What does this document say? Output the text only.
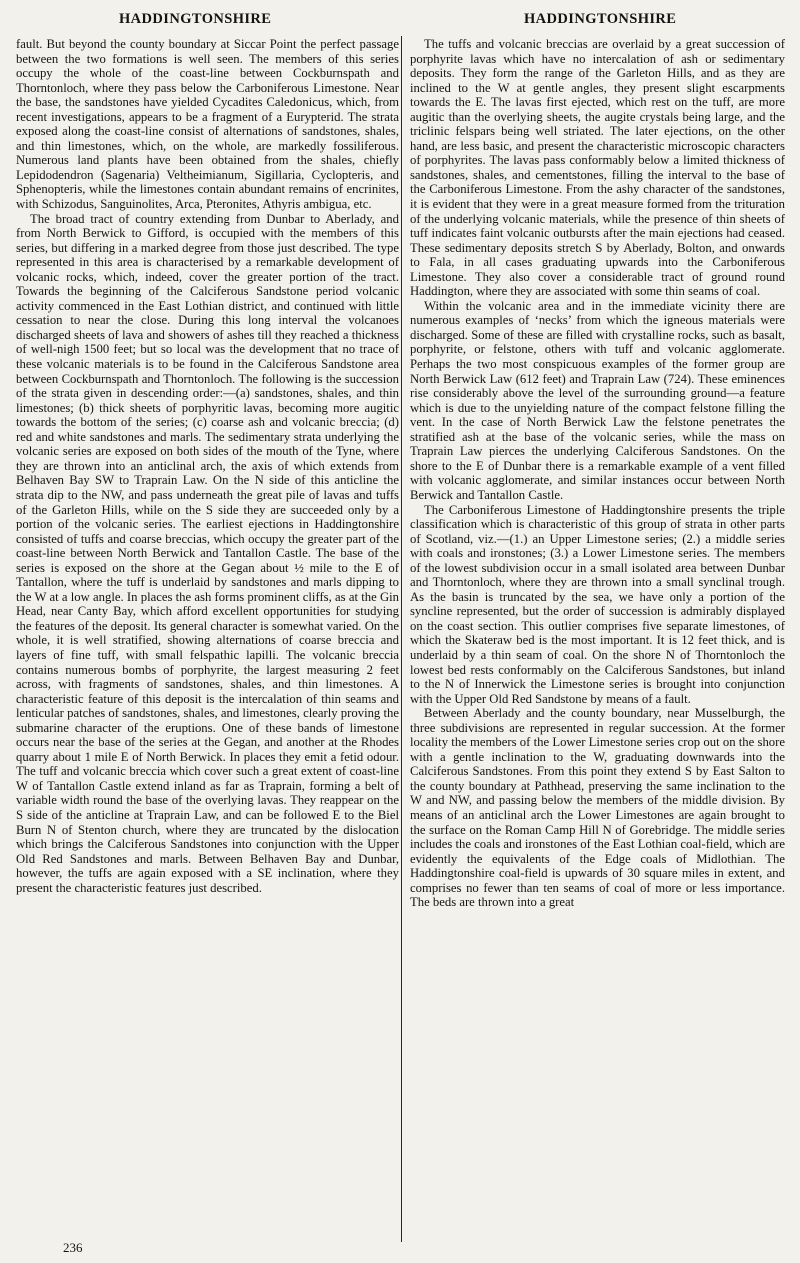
HADDINGTONSHIRE	HADDINGTONSHIRE

fault. But beyond the county boundary at Siccar Point the perfect passage between the two formations is well seen. The members of this series occupy the whole of the coast-line between Cockburnspath and Thorntonloch, where they pass below the Carboniferous Limestone. Near the base, the sandstones have yielded Cycadites Caledonicus, which, from recent investigations, appears to be a fragment of a Eurypterid. The strata exposed along the coast-line consist of alternations of sandstones, shales, and thin limestones, which, on the whole, are markedly fossiliferous. Numerous land plants have been obtained from the shales, chiefly Lepidodendron (Sagenaria) Veltheimianum, Sigillaria, Cyclopteris, and Sphenopteris, while the limestones contain abundant remains of encrinites, with Schizodus, Sanguinolites, Arca, Pteronites, Athyris ambigua, etc.

The broad tract of country extending from Dunbar to Aberlady, and from North Berwick to Gifford, is occupied with the members of this series, but differing in a marked degree from those just described. The type represented in this area is characterised by a remarkable development of volcanic rocks, which, indeed, cover the greater portion of the tract. Towards the beginning of the Calciferous Sandstone period volcanic activity commenced in the East Lothian district, and continued with little cessation to near the close. During this long interval the volcanoes discharged sheets of lava and showers of ashes till they reached a thickness of well-nigh 1500 feet; but so local was the development that no trace of these volcanic materials is to be found in the Calciferous Sandstone area between Cockburnspath and Thorntonloch. The following is the succession of the strata given in descending order:—(a) sandstones, shales, and thin limestones; (b) thick sheets of porphyritic lavas, becoming more augitic towards the bottom of the series; (c) coarse ash and volcanic breccia; (d) red and white sandstones and marls. The sedimentary strata underlying the volcanic series are exposed on both sides of the mouth of the Tyne, where they are thrown into an anticlinal arch, the axis of which extends from Belhaven Bay SW to Traprain Law. On the N side of this anticline the strata dip to the NW, and pass underneath the great pile of lavas and tuffs of the Garleton Hills, while on the S side they are succeeded only by a portion of the volcanic series. The earliest ejections in Haddingtonshire consisted of tuffs and coarse breccias, which occupy the greater part of the coast-line between North Berwick and Tantallon Castle. The base of the series is exposed on the shore at the Gegan about ½ mile to the E of Tantallon, where the tuff is underlaid by sandstones and marls dipping to the W at a low angle. In places the ash forms prominent cliffs, as at the Gin Head, near Canty Bay, which afford excellent opportunities for studying the features of the deposit. Its general character is somewhat varied. On the whole, it is well stratified, showing alternations of coarse breccia and layers of fine tuff, with small felspathic lapilli. The volcanic breccia contains numerous bombs of porphyrite, the largest measuring 2 feet across, with fragments of sandstones, shales, and thin limestones. A characteristic feature of this deposit is the intercalation of thin seams and lenticular patches of sandstones, shales, and limestones, clearly proving the submarine character of the eruptions. One of these bands of limestone occurs near the base of the series at the Gegan, and another at the Rhodes quarry about 1 mile E of North Berwick. In places they emit a fetid odour. The tuff and volcanic breccia which cover such a great extent of coast-line W of Tantallon Castle extend inland as far as Traprain, forming a belt of variable width round the base of the overlying lavas. They reappear on the S side of the anticline at Traprain Law, and can be followed E to the Biel Burn N of Stenton church, where they are truncated by the dislocation which brings the Calciferous Sandstones into conjunction with the Upper Old Red Sandstones and marls. Between Belhaven Bay and Dunbar, however, the tuffs are again exposed with a SE inclination, where they present the characteristic features just described.

The tuffs and volcanic breccias are overlaid by a great succession of porphyrite lavas which have no intercalation of ash or sedimentary deposits. They form the range of the Garleton Hills, and as they are inclined to the W at gentle angles, they present slight escarpments towards the E. The lavas first ejected, which rest on the tuff, are more augitic than the overlying sheets, the augite crystals being large, and the triclinic felspars being well striated. The later ejections, on the other hand, are less basic, and present the characteristic microscopic characters of porphyrites. The lavas pass conformably below a limited thickness of sandstones, shales, and cementstones, filling the interval to the base of the Carboniferous Limestone. From the ashy character of the sandstones, it is evident that they were in a great measure formed from the trituration of the underlying volcanic materials, while the presence of thin sheets of tuff indicates faint volcanic outbursts after the main ejections had ceased. These sedimentary deposits stretch S by Aberlady, Bolton, and onwards to Fala, in all cases graduating upwards into the Carboniferous Limestone. They also cover a considerable tract of ground round Haddington, where they are associated with some thin seams of coal.

Within the volcanic area and in the immediate vicinity there are numerous examples of ‘necks’ from which the igneous materials were discharged. Some of these are filled with crystalline rocks, such as basalt, porphyrite, or felstone, others with tuff and volcanic agglomerate. Perhaps the two most conspicuous examples of the former group are North Berwick Law (612 feet) and Traprain Law (724). These eminences rise considerably above the level of the surrounding ground—a feature which is due to the unyielding nature of the compact felstone filling the vent. In the case of North Berwick Law the felstone penetrates the stratified ash at the base of the volcanic series, while the mass on Traprain Law pierces the underlying Calciferous Sandstones. On the shore to the E of Dunbar there is a remarkable example of a vent filled with volcanic agglomerate, and similar instances occur between North Berwick and Tantallon Castle.

The Carboniferous Limestone of Haddingtonshire presents the triple classification which is characteristic of this group of strata in other parts of Scotland, viz.—(1.) an Upper Limestone series; (2.) a middle series with coals and ironstones; (3.) a Lower Limestone series. The members of the lowest subdivision occur in a small isolated area between Dunbar and Thorntonloch, where they are thrown into a small synclinal trough. As the basin is truncated by the sea, we have only a portion of the syncline represented, but the order of succession is admirably displayed on the coast section. This outlier comprises five separate limestones, of which the Skateraw bed is the most important. It is 12 feet thick, and is underlaid by a thin seam of coal. On the shore N of Thorntonloch the lowest bed rests conformably on the Calciferous Sandstones, but inland to the N of Innerwick the Limestone series is brought into conjunction with the Upper Old Red Sandstone by means of a fault.

Between Aberlady and the county boundary, near Musselburgh, the three subdivisions are represented in regular succession. At the former locality the members of the Lower Limestone series crop out on the shore with a gentle inclination to the W, graduating downwards into the Calciferous Sandstones. From this point they extend S by East Salton to the county boundary at Pathhead, preserving the same inclination to the W and NW, and passing below the members of the middle division. By means of an anticlinal arch the Lower Limestones are again brought to the surface on the Roman Camp Hill N of Gorebridge. The middle series includes the coals and ironstones of the East Lothian coal-field, which are evidently the equivalents of the Edge coals of Midlothian. The Haddingtonshire coal-field is upwards of 30 square miles in extent, and comprises no fewer than ten seams of coal of more or less importance. The beds are thrown into a great

236
